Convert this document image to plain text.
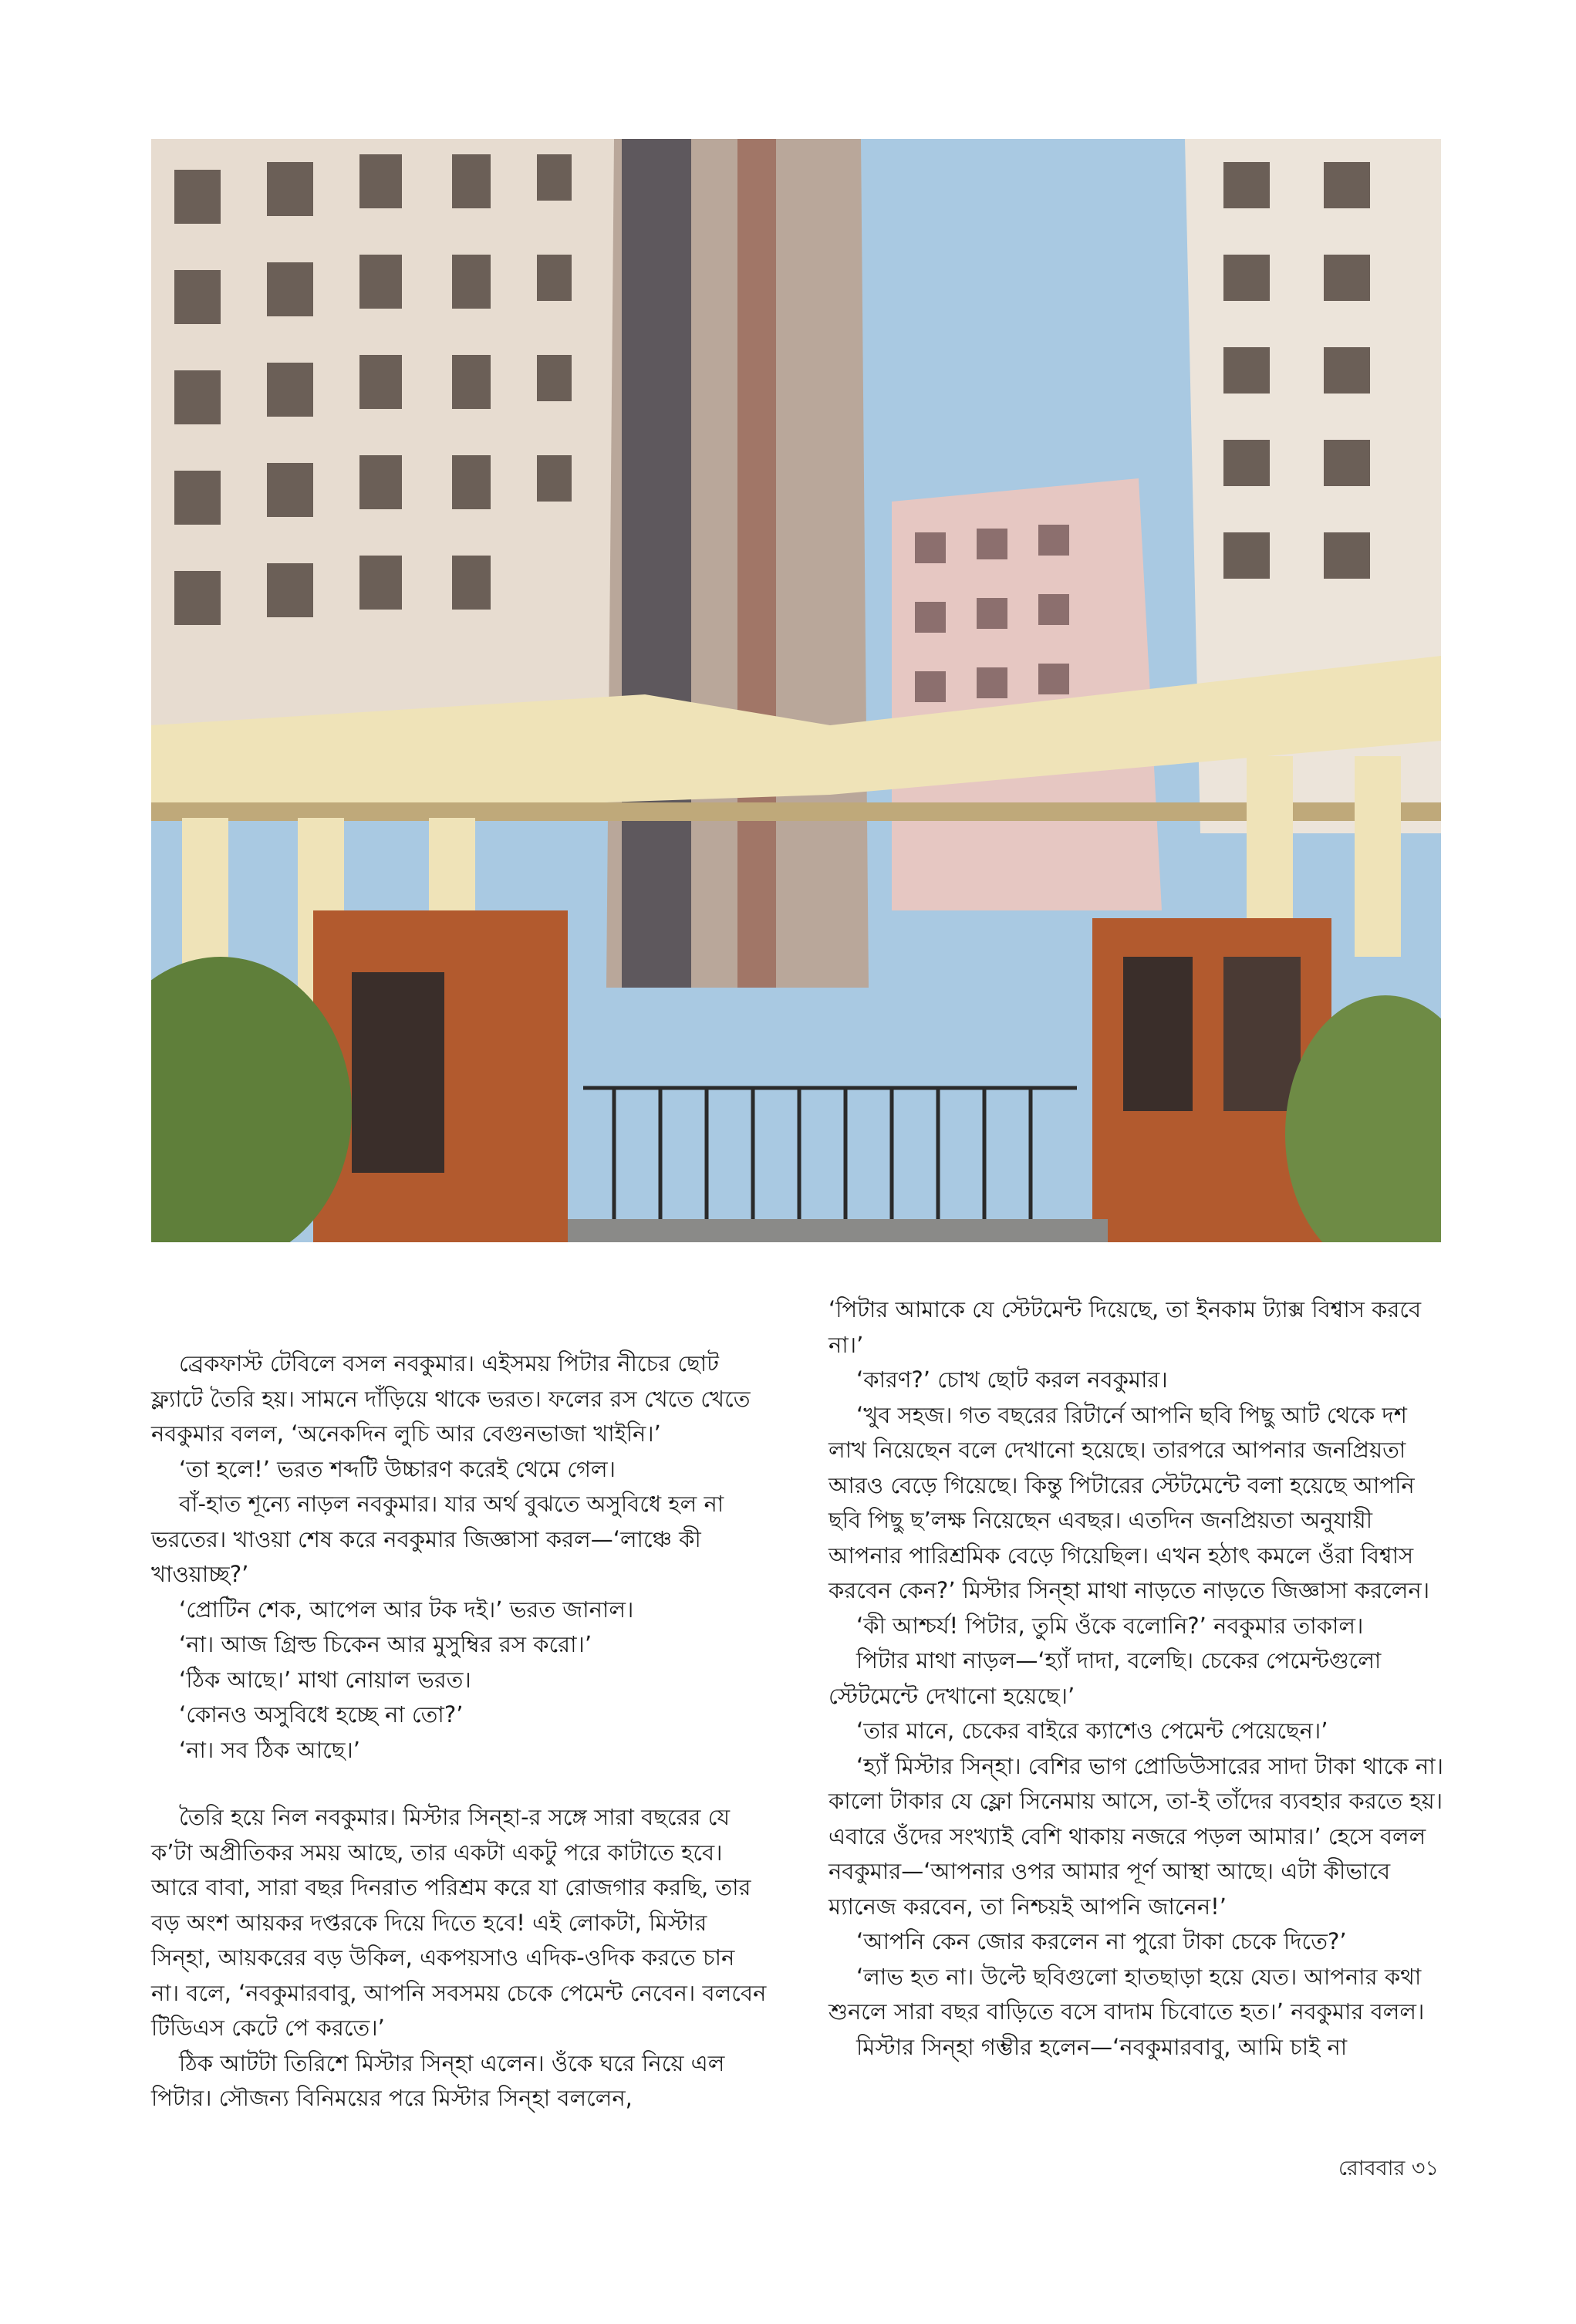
ব্রেকফাস্ট টেবিলে বসল নবকুমার। এইসময় পিটার নীচের ছোট ফ্ল্যাটে তৈরি হয়। সামনে দাঁড়িয়ে থাকে ভরত। ফলের রস খেতে খেতে নবকুমার বলল, ‘অনেকদিন লুচি আর বেগুনভাজা খাইনি।’

‘তা হলে!’ ভরত শব্দটি উচ্চারণ করেই থেমে গেল।

বাঁ-হাত শূন্যে নাড়ল নবকুমার। যার অর্থ বুঝতে অসুবিধে হল না ভরতের। খাওয়া শেষ করে নবকুমার জিজ্ঞাসা করল—‘লাঞ্চে কী খাওয়াচ্ছ?’

‘প্রোটিন শেক, আপেল আর টক দই।’ ভরত জানাল।

‘না। আজ গ্রিল্ড চিকেন আর মুসুম্বির রস করো।’

‘ঠিক আছে।’ মাথা নোয়াল ভরত।

‘কোনও অসুবিধে হচ্ছে না তো?’

‘না। সব ঠিক আছে।’

তৈরি হয়ে নিল নবকুমার। মিস্টার সিন্হা-র সঙ্গে সারা বছরের যে ক’টা অপ্রীতিকর সময় আছে, তার একটা একটু পরে কাটাতে হবে। আরে বাবা, সারা বছর দিনরাত পরিশ্রম করে যা রোজগার করছি, তার বড় অংশ আয়কর দপ্তরকে দিয়ে দিতে হবে! এই লোকটা, মিস্টার সিন্হা, আয়করের বড় উকিল, একপয়সাও এদিক-ওদিক করতে চান না। বলে, ‘নবকুমারবাবু, আপনি সবসময় চেকে পেমেন্ট নেবেন। বলবেন টিডিএস কেটে পে করতে।’

ঠিক আটটা তিরিশে মিস্টার সিন্হা এলেন। ওঁকে ঘরে নিয়ে এল পিটার। সৌজন্য বিনিময়ের পরে মিস্টার সিন্হা বললেন,

‘পিটার আমাকে যে স্টেটমেন্ট দিয়েছে, তা ইনকাম ট্যাক্স বিশ্বাস করবে না।’

‘কারণ?’ চোখ ছোট করল নবকুমার।

‘খুব সহজ। গত বছরের রিটার্নে আপনি ছবি পিছু আট থেকে দশ লাখ নিয়েছেন বলে দেখানো হয়েছে। তারপরে আপনার জনপ্রিয়তা আরও বেড়ে গিয়েছে। কিন্তু পিটারের স্টেটমেন্টে বলা হয়েছে আপনি ছবি পিছু ছ’লক্ষ নিয়েছেন এবছর। এতদিন জনপ্রিয়তা অনুযায়ী আপনার পারিশ্রমিক বেড়ে গিয়েছিল। এখন হঠাৎ কমলে ওঁরা বিশ্বাস করবেন কেন?’ মিস্টার সিন্হা মাথা নাড়তে নাড়তে জিজ্ঞাসা করলেন।

‘কী আশ্চর্য! পিটার, তুমি ওঁকে বলোনি?’ নবকুমার তাকাল।

পিটার মাথা নাড়ল—‘হ্যাঁ দাদা, বলেছি। চেকের পেমেন্টগুলো স্টেটমেন্টে দেখানো হয়েছে।’

‘তার মানে, চেকের বাইরে ক্যাশেও পেমেন্ট পেয়েছেন।’

‘হ্যাঁ মিস্টার সিন্হা। বেশির ভাগ প্রোডিউসারের সাদা টাকা থাকে না। কালো টাকার যে ফ্লো সিনেমায় আসে, তা-ই তাঁদের ব্যবহার করতে হয়। এবারে ওঁদের সংখ্যাই বেশি থাকায় নজরে পড়ল আমার।’ হেসে বলল নবকুমার—‘আপনার ওপর আমার পূর্ণ আস্থা আছে। এটা কীভাবে ম্যানেজ করবেন, তা নিশ্চয়ই আপনি জানেন!’

‘আপনি কেন জোর করলেন না পুরো টাকা চেকে দিতে?’

‘লাভ হত না। উল্টে ছবিগুলো হাতছাড়া হয়ে যেত। আপনার কথা শুনলে সারা বছর বাড়িতে বসে বাদাম চিবোতে হত।’ নবকুমার বলল।

মিস্টার সিন্হা গম্ভীর হলেন—‘নবকুমারবাবু, আমি চাই না

রোববার ৩১
